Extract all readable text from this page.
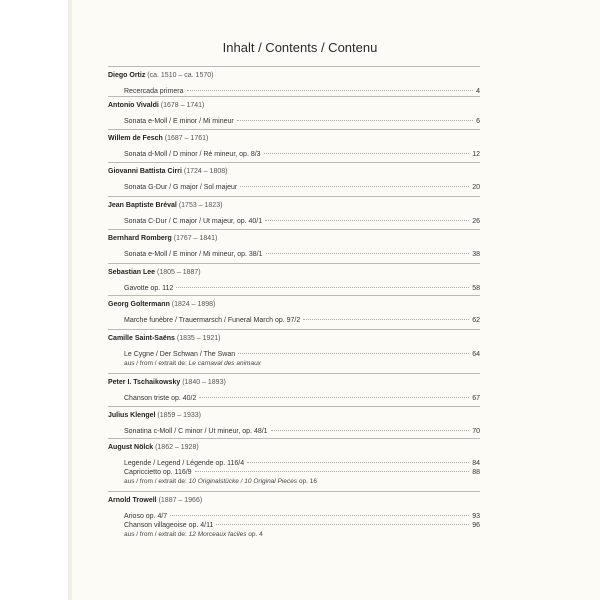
Inhalt / Contents / Contenu
Diego Ortiz (ca. 1510 – ca. 1570)
Recercada primera	4
Antonio Vivaldi (1678 – 1741)
Sonata e-Moll / E minor / Mi mineur	6
Willem de Fesch (1687 – 1761)
Sonata d-Moll / D minor / Ré mineur, op. 8/3	12
Giovanni Battista Cirri (1724 – 1808)
Sonata G-Dur / G major / Sol majeur	20
Jean Baptiste Bréval (1753 – 1823)
Sonata C-Dur / C major / Ut majeur, op. 40/1	26
Bernhard Romberg (1767 – 1841)
Sonata e-Moll / E minor / Mi mineur, op. 38/1	38
Sebastian Lee (1805 – 1887)
Gavotte op. 112	58
Georg Goltermann (1824 – 1898)
Marche funèbre / Trauermarsch / Funeral March op. 97/2	62
Camille Saint-Saëns (1835 – 1921)
Le Cygne / Der Schwan / The Swan	64
aus / from / extrait de: Le carnaval des animaux
Peter I. Tschaikowsky (1840 – 1893)
Chanson triste op. 40/2	67
Julius Klengel (1859 – 1933)
Sonatina c-Moll / C minor / Ut mineur, op. 48/1	70
August Nölck (1862 – 1928)
Legende / Legend / Légende op. 116/4	84
Capriccietto op. 116/9	88
aus / from / extrait de: 10 Originalstücke / 10 Original Pieces op. 16
Arnold Trowell (1887 – 1966)
Arioso op. 4/7	93
Chanson villageoise op. 4/11	96
aus / from / extrait de: 12 Morceaux faciles op. 4
